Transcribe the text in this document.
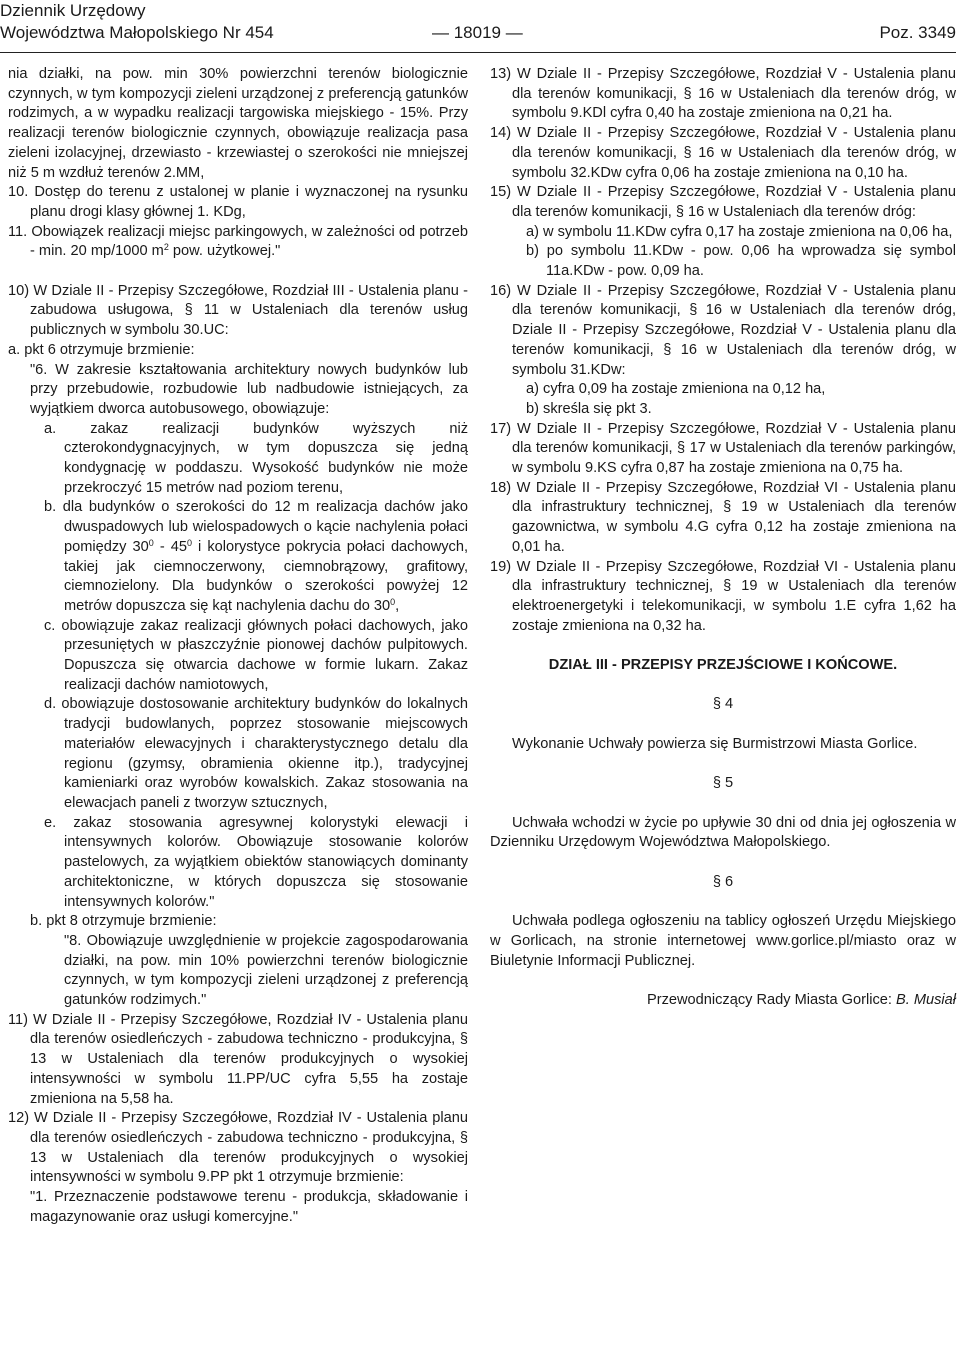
Dziennik Urzędowy
Województwa Małopolskiego Nr 454	— 18019 —	Poz. 3349

nia działki, na pow. min 30% powierzchni terenów biologicznie czynnych, w tym kompozycji zieleni urządzonej z preferencją gatunków rodzimych, a w wypadku realizacji targowiska miejskiego - 15%. Przy realizacji terenów biologicznie czynnych, obowiązuje realizacja pasa zieleni izolacyjnej, drzewiasto - krzewiastej o szerokości nie mniejszej niż 5 m wzdłuż terenów 2.MM,

10. Dostęp do terenu z ustalonej w planie i wyznaczonej na rysunku planu drogi klasy głównej 1. KDg,

11. Obowiązek realizacji miejsc parkingowych, w zależności od potrzeb - min. 20 mp/1000 $m^2$ pow. użytkowej."

10) W Dziale II - Przepisy Szczegółowe, Rozdział III - Ustalenia planu - zabudowa usługowa, § 11 w Ustaleniach dla terenów usług publicznych w symbolu 30.UC:

a. pkt 6 otrzymuje brzmienie:

"6. W zakresie kształtowania architektury nowych budynków lub przy przebudowie, rozbudowie lub nadbudowie istniejących, za wyjątkiem dworca autobusowego, obowiązuje:

a. zakaz realizacji budynków wyższych niż czterokondygnacyjnych, w tym dopuszcza się jedną kondygnację w poddaszu. Wysokość budynków nie może przekroczyć 15 metrów nad poziom terenu,

b. dla budynków o szerokości do 12 m realizacja dachów jako dwuspadowych lub wielospadowych o kącie nachylenia połaci pomiędzy $30^0 - 45^0$ i kolorystyce pokrycia połaci dachowych, takiej jak ciemnoczerwony, ciemnobrązowy, grafitowy, ciemnozielony. Dla budynków o szerokości powyżej 12 metrów dopuszcza się kąt nachylenia dachu do $30^0$,

c. obowiązuje zakaz realizacji głównych połaci dachowych, jako przesuniętych w płaszczyźnie pionowej dachów pulpitowych. Dopuszcza się otwarcia dachowe w formie lukarn. Zakaz realizacji dachów namiotowych,

d. obowiązuje dostosowanie architektury budynków do lokalnych tradycji budowlanych, poprzez stosowanie miejscowych materiałów elewacyjnych i charakterystycznego detalu dla regionu (gzymsy, obramienia okienne itp.), tradycyjnej kamieniarki oraz wyrobów kowalskich. Zakaz stosowania na elewacjach paneli z tworzyw sztucznych,

e. zakaz stosowania agresywnej kolorystyki elewacji i intensywnych kolorów. Obowiązuje stosowanie kolorów pastelowych, za wyjątkiem obiektów stanowiących dominanty architektoniczne, w których dopuszcza się stosowanie intensywnych kolorów."

b. pkt 8 otrzymuje brzmienie:

"8. Obowiązuje uwzględnienie w projekcie zagospodarowania działki, na pow. min 10% powierzchni terenów biologicznie czynnych, w tym kompozycji zieleni urządzonej z preferencją gatunków rodzimych."

11) W Dziale II - Przepisy Szczegółowe, Rozdział IV - Ustalenia planu dla terenów osiedleńczych - zabudowa techniczno - produkcyjna, § 13 w Ustaleniach dla terenów produkcyjnych o wysokiej intensywności w symbolu 11.PP/UC cyfra 5,55 ha zostaje zmieniona na 5,58 ha.

12) W Dziale II - Przepisy Szczegółowe, Rozdział IV - Ustalenia planu dla terenów osiedleńczych - zabudowa techniczno - produkcyjna, § 13 w Ustaleniach dla terenów produkcyjnych o wysokiej intensywności w symbolu 9.PP pkt 1 otrzymuje brzmienie:

"1. Przeznaczenie podstawowe terenu - produkcja, składowanie i magazynowanie oraz usługi komercyjne."

13) W Dziale II - Przepisy Szczegółowe, Rozdział V - Ustalenia planu dla terenów komunikacji, § 16 w Ustaleniach dla terenów dróg, w symbolu 9.KDl cyfra 0,40 ha zostaje zmieniona na 0,21 ha.

14) W Dziale II - Przepisy Szczegółowe, Rozdział V - Ustalenia planu dla terenów komunikacji, § 16 w Ustaleniach dla terenów dróg, w symbolu 32.KDw cyfra 0,06 ha zostaje zmieniona na 0,10 ha.

15) W Dziale II - Przepisy Szczegółowe, Rozdział V - Ustalenia planu dla terenów komunikacji, § 16 w Ustaleniach dla terenów dróg:

a) w symbolu 11.KDw cyfra 0,17 ha zostaje zmieniona na 0,06 ha,

b) po symbolu 11.KDw - pow. 0,06 ha wprowadza się symbol 11a.KDw - pow. 0,09 ha.

16) W Dziale II - Przepisy Szczegółowe, Rozdział V - Ustalenia planu dla terenów komunikacji, § 16 w Ustaleniach dla terenów dróg, Dziale II - Przepisy Szczegółowe, Rozdział V - Ustalenia planu dla terenów komunikacji, § 16 w Ustaleniach dla terenów dróg, w symbolu 31.KDw:

a) cyfra 0,09 ha zostaje zmieniona na 0,12 ha,

b) skreśla się pkt 3.

17) W Dziale II - Przepisy Szczegółowe, Rozdział V - Ustalenia planu dla terenów komunikacji, § 17 w Ustaleniach dla terenów parkingów, w symbolu 9.KS cyfra 0,87 ha zostaje zmieniona na 0,75 ha.

18) W Dziale II - Przepisy Szczegółowe, Rozdział VI - Ustalenia planu dla infrastruktury technicznej, § 19 w Ustaleniach dla terenów gazownictwa, w symbolu 4.G cyfra 0,12 ha zostaje zmieniona na 0,01 ha.

19) W Dziale II - Przepisy Szczegółowe, Rozdział VI - Ustalenia planu dla infrastruktury technicznej, § 19 w Ustaleniach dla terenów elektroenergetyki i telekomunikacji, w symbolu 1.E cyfra 1,62 ha zostaje zmieniona na 0,32 ha.

DZIAŁ III - PRZEPISY PRZEJŚCIOWE I KOŃCOWE.

§ 4

Wykonanie Uchwały powierza się Burmistrzowi Miasta Gorlice.

§ 5

Uchwała wchodzi w życie po upływie 30 dni od dnia jej ogłoszenia w Dzienniku Urzędowym Województwa Małopolskiego.

§ 6

Uchwała podlega ogłoszeniu na tablicy ogłoszeń Urzędu Miejskiego w Gorlicach, na stronie internetowej www.gorlice.pl/miasto oraz w Biuletynie Informacji Publicznej.

Przewodniczący Rady Miasta Gorlice: B. Musiał
